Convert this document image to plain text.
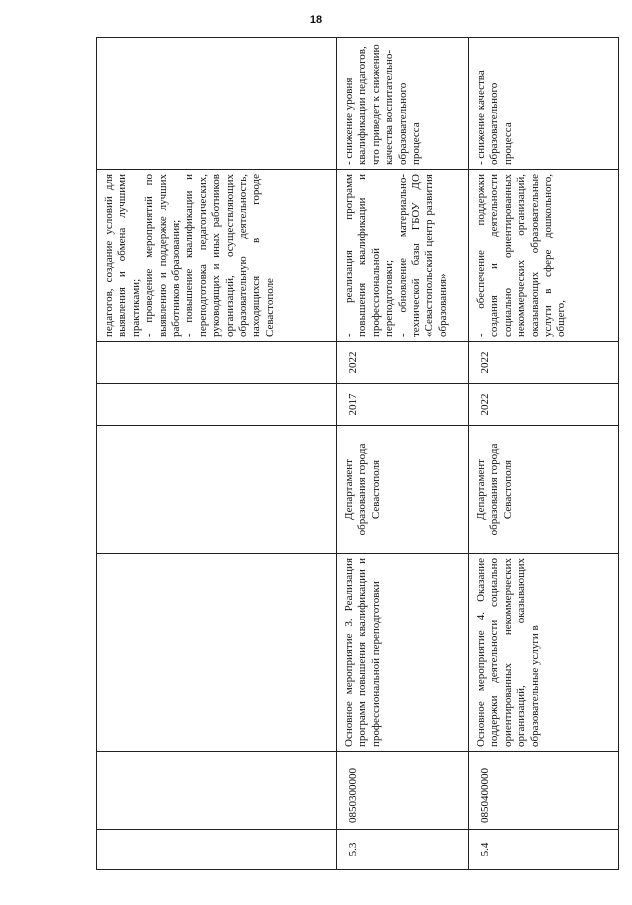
18
						педагогов, создание условий для выявления и обмена лучшими практиками;
- проведение мероприятий по выявлению и поддержке лучших работников образования;
- повышение квалификации и переподготовка педагогических, руководящих и иных работников организаций, осуществляющих образовательную деятельность, находящихся в городе Севастополе	
5.3	0850300000	Основное мероприятие 3. Реализация программ повышения квалификации и профессиональной переподготовки	Департамент образования города Севастополя	2017	2022	- реализация программ повышения квалификации и профессиональной переподготовки;
- обновление материально-технической базы ГБОУ ДО «Севастопольский центр развития образования»	- снижение уровня квалификации педагогов, что приведет к снижению качества воспитательно-образовательного процесса
5.4	0850400000	Основное мероприятие 4. Оказание поддержки деятельности социально ориентированных некоммерческих организаций, оказывающих образовательные услуги в	Департамент образования города Севастополя	2022	2022	- обеспечение поддержки создания и деятельности социально ориентированных некоммерческих организаций, оказывающих образовательные услуги в сфере дошкольного, общего,	- снижение качества образовательного процесса
